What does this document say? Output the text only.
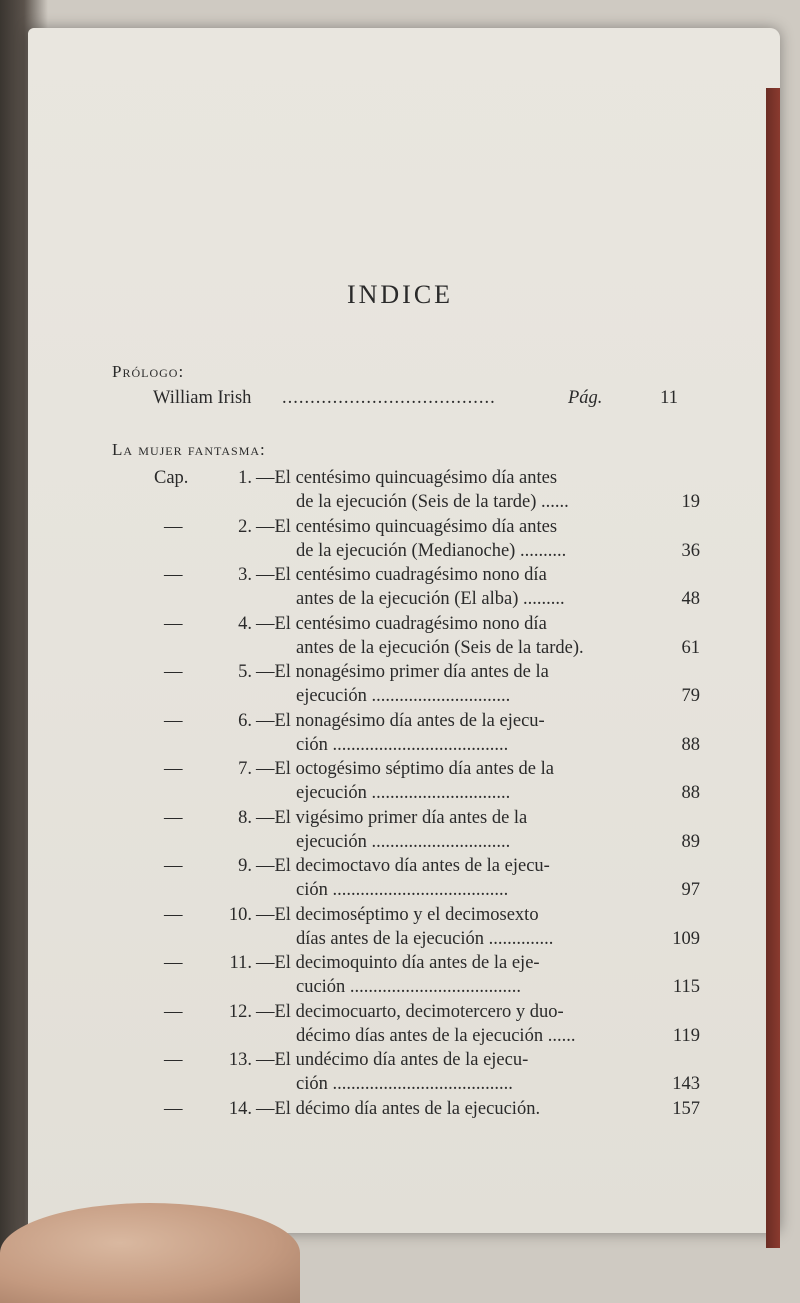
INDICE
Prólogo:
William Irish ......................................	Pág.	11
La mujer fantasma:
Cap.	1. —El centésimo quincuagésimo día antes
de la ejecución (Seis de la tarde) ......	19
—	2. —El centésimo quincuagésimo día antes
de la ejecución (Medianoche) ..........	36
—	3. —El centésimo cuadragésimo nono día
antes de la ejecución (El alba) .........	48
—	4. —El centésimo cuadragésimo nono día
antes de la ejecución (Seis de la tarde).	61
—	5. —El nonagésimo primer día antes de la
ejecución ..............................	79
—	6. —El nonagésimo día antes de la ejecu-
ción ......................................	88
—	7. —El octogésimo séptimo día antes de la
ejecución ..............................	88
—	8. —El vigésimo primer día antes de la
ejecución ..............................	89
—	9. —El decimoctavo día antes de la ejecu-
ción ......................................	97
—	10. —El decimoséptimo y el decimosexto
días antes de la ejecución ..............	109
—	11. —El decimoquinto día antes de la eje-
cución .....................................	115
—	12. —El decimocuarto, decimotercero y duo-
décimo días antes de la ejecución ......	119
—	13. —El undécimo día antes de la ejecu-
ción .......................................	143
—	14. —El décimo día antes de la ejecución.	157
